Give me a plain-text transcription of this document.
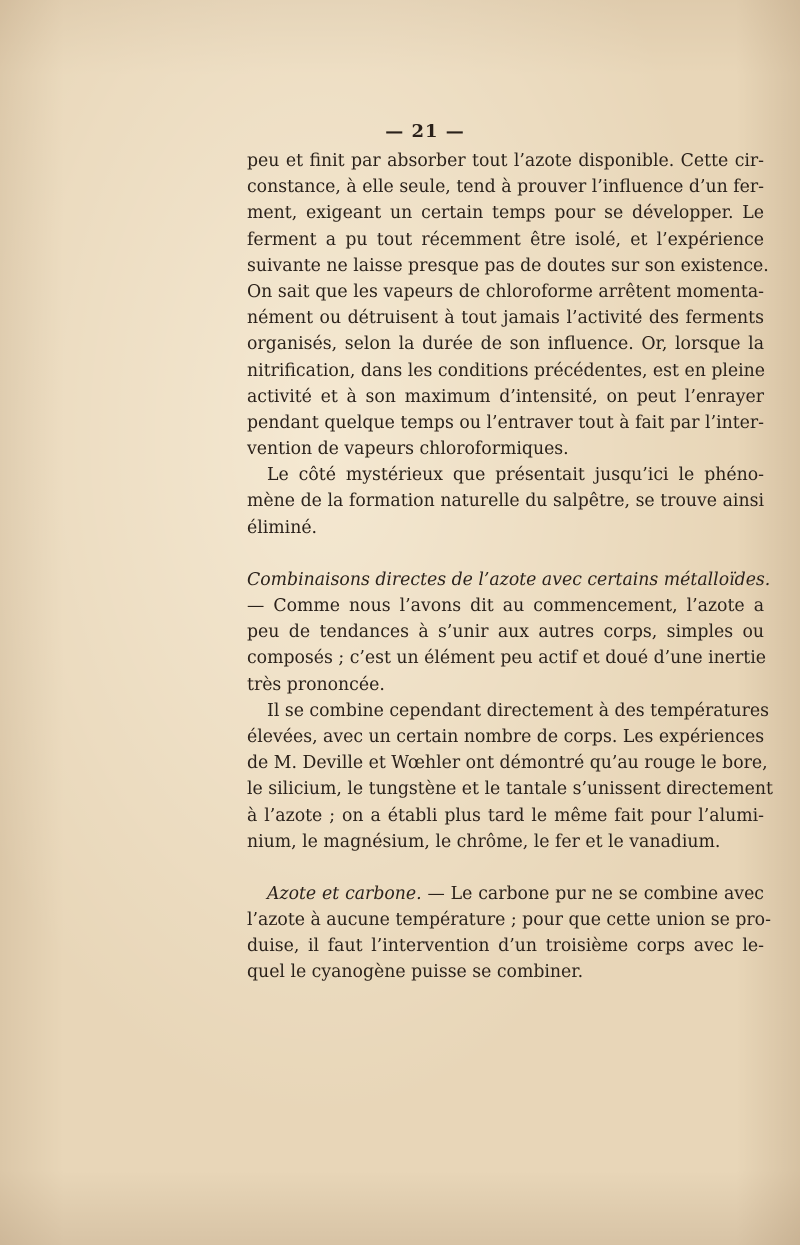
— 21 —
peu et finit par absorber tout l’azote disponible. Cette cir-
constance, à elle seule, tend à prouver l’influence d’un fer-
ment, exigeant un certain temps pour se développer. Le
ferment a pu tout récemment être isolé, et l’expérience
suivante ne laisse presque pas de doutes sur son existence.
On sait que les vapeurs de chloroforme arrêtent momenta-
nément ou détruisent à tout jamais l’activité des ferments
organisés, selon la durée de son influence. Or, lorsque la
nitrification, dans les conditions précédentes, est en pleine
activité et à son maximum d’intensité, on peut l’enrayer
pendant quelque temps ou l’entraver tout à fait par l’inter-
vention de vapeurs chloroformiques.
Le côté mystérieux que présentait jusqu’ici le phéno-
mène de la formation naturelle du salpêtre, se trouve ainsi
éliminé.
Combinaisons directes de l’azote avec certains métalloïdes.
— Comme nous l’avons dit au commencement, l’azote a
peu de tendances à s’unir aux autres corps, simples ou
composés ; c’est un élément peu actif et doué d’une inertie
très prononcée.
Il se combine cependant directement à des températures
élevées, avec un certain nombre de corps. Les expériences
de M. Deville et Wœhler ont démontré qu’au rouge le bore,
le silicium, le tungstène et le tantale s’unissent directement
à l’azote ; on a établi plus tard le même fait pour l’alumi-
nium, le magnésium, le chrôme, le fer et le vanadium.
Azote et carbone. — Le carbone pur ne se combine avec
l’azote à aucune température ; pour que cette union se pro-
duise, il faut l’intervention d’un troisième corps avec le-
quel le cyanogène puisse se combiner.
